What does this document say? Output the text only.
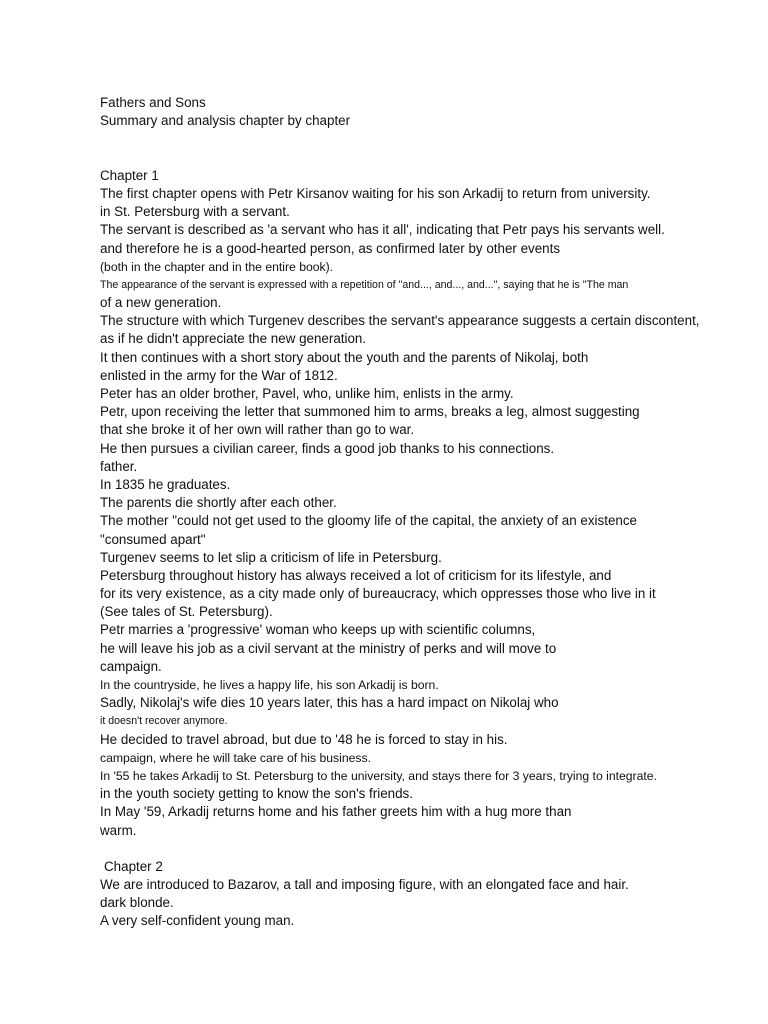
Fathers and Sons
Summary and analysis chapter by chapter
Chapter 1
The first chapter opens with Petr Kirsanov waiting for his son Arkadij to return from university.
in St. Petersburg with a servant.
The servant is described as 'a servant who has it all', indicating that Petr pays his servants well.
and therefore he is a good-hearted person, as confirmed later by other events
(both in the chapter and in the entire book).
The appearance of the servant is expressed with a repetition of "and..., and..., and...", saying that he is "The man
of a new generation.
The structure with which Turgenev describes the servant's appearance suggests a certain discontent,
as if he didn't appreciate the new generation.
It then continues with a short story about the youth and the parents of Nikolaj, both
enlisted in the army for the War of 1812.
Peter has an older brother, Pavel, who, unlike him, enlists in the army.
Petr, upon receiving the letter that summoned him to arms, breaks a leg, almost suggesting
that she broke it of her own will rather than go to war.
He then pursues a civilian career, finds a good job thanks to his connections.
father.
In 1835 he graduates.
The parents die shortly after each other.
The mother "could not get used to the gloomy life of the capital, the anxiety of an existence
"consumed apart"
Turgenev seems to let slip a criticism of life in Petersburg.
Petersburg throughout history has always received a lot of criticism for its lifestyle, and
for its very existence, as a city made only of bureaucracy, which oppresses those who live in it
(See tales of St. Petersburg).
Petr marries a 'progressive' woman who keeps up with scientific columns,
he will leave his job as a civil servant at the ministry of perks and will move to
campaign.
In the countryside, he lives a happy life, his son Arkadij is born.
Sadly, Nikolaj's wife dies 10 years later, this has a hard impact on Nikolaj who
it doesn't recover anymore.
He decided to travel abroad, but due to '48 he is forced to stay in his.
campaign, where he will take care of his business.
In '55 he takes Arkadij to St. Petersburg to the university, and stays there for 3 years, trying to integrate.
in the youth society getting to know the son's friends.
In May '59, Arkadij returns home and his father greets him with a hug more than
warm.
Chapter 2
We are introduced to Bazarov, a tall and imposing figure, with an elongated face and hair.
dark blonde.
A very self-confident young man.
